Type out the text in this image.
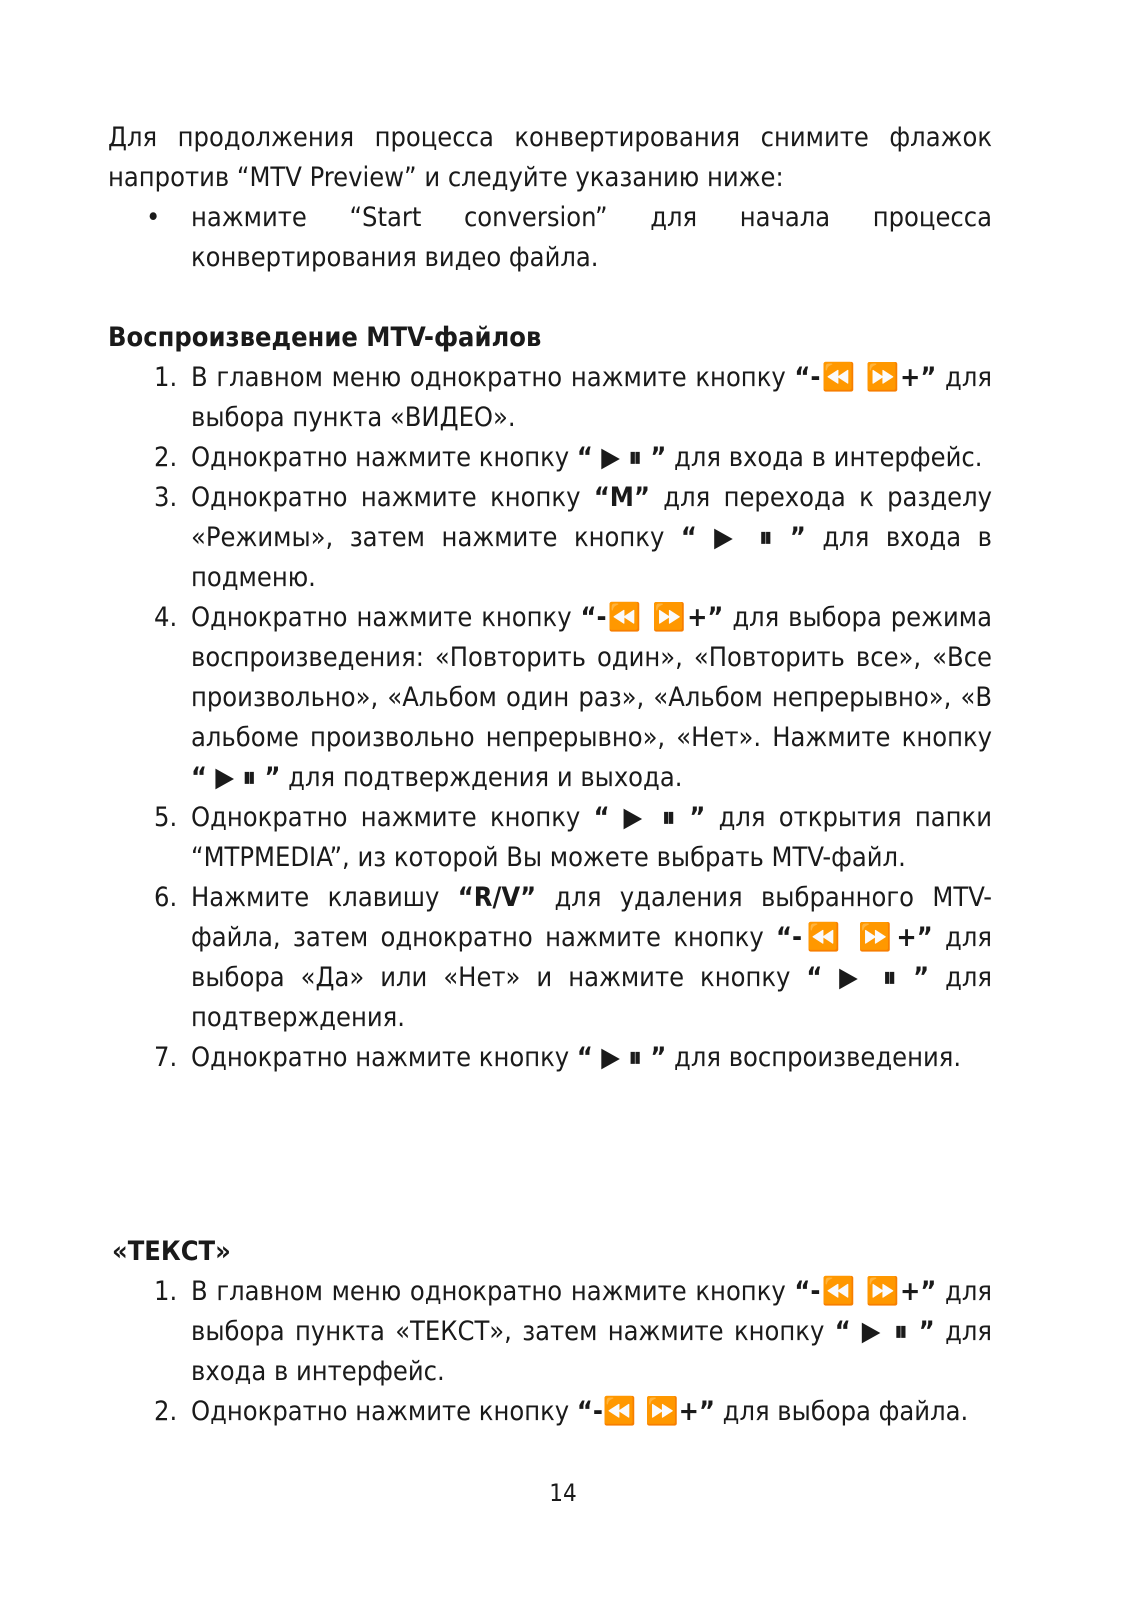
Для продолжения процесса конвертирования снимите флажок напротив “MTV Preview” и следуйте указанию ниже:
• нажмите “Start conversion” для начала процесса конвертирования видео файла.
Воспроизведение MTV-файлов
1. В главном меню однократно нажмите кнопку “-⏪ ⏩+” для выбора пункта «ВИДЕО».
2. Однократно нажмите кнопку “ ▶ ⏸ ” для входа в интерфейс.
3. Однократно нажмите кнопку “M” для перехода к разделу «Режимы», затем нажмите кнопку “ ▶ ⏸ ” для входа в подменю.
4. Однократно нажмите кнопку “-⏪ ⏩+” для выбора режима воспроизведения: «Повторить один», «Повторить все», «Все произвольно», «Альбом один раз», «Альбом непрерывно», «В альбоме произвольно непрерывно», «Нет». Нажмите кнопку “ ▶ ⏸ ” для подтверждения и выхода.
5. Однократно нажмите кнопку “ ▶ ⏸ ” для открытия папки “MTPMEDIA”, из которой Вы можете выбрать MTV-файл.
6. Нажмите клавишу “R/V” для удаления выбранного MTV-файла, затем однократно нажмите кнопку “-⏪ ⏩+” для выбора «Да» или «Нет» и нажмите кнопку “ ▶ ⏸ ” для подтверждения.
7. Однократно нажмите кнопку “ ▶ ⏸ ” для воспроизведения.
«ТЕКСТ»
1. В главном меню однократно нажмите кнопку “-⏪ ⏩+” для выбора пункта «ТЕКСТ», затем нажмите кнопку “ ▶ ⏸ ” для входа в интерфейс.
2. Однократно нажмите кнопку “-⏪ ⏩+” для выбора файла.
14
